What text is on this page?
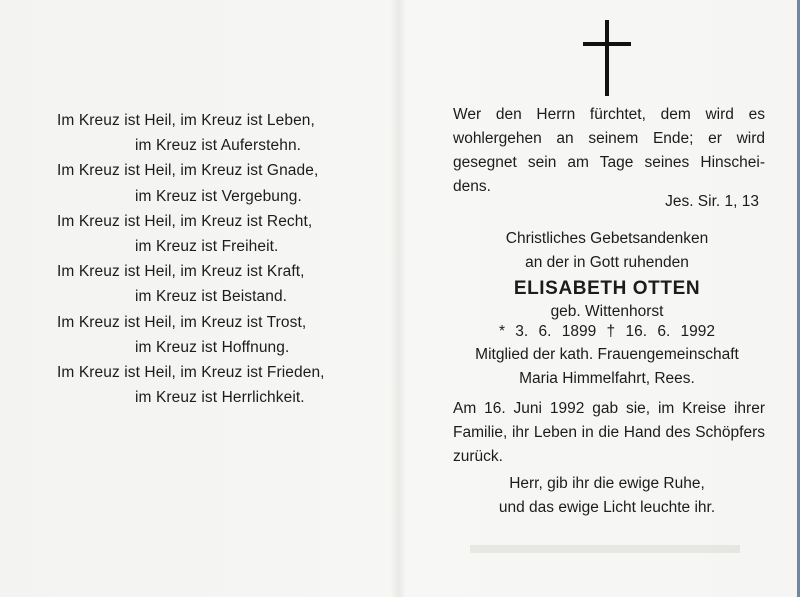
Im Kreuz ist Heil, im Kreuz ist Leben,
im Kreuz ist Auferstehn.
Im Kreuz ist Heil, im Kreuz ist Gnade,
im Kreuz ist Vergebung.
Im Kreuz ist Heil, im Kreuz ist Recht,
im Kreuz ist Freiheit.
Im Kreuz ist Heil, im Kreuz ist Kraft,
im Kreuz ist Beistand.
Im Kreuz ist Heil, im Kreuz ist Trost,
im Kreuz ist Hoffnung.
Im Kreuz ist Heil, im Kreuz ist Frieden,
im Kreuz ist Herrlichkeit.
Wer den Herrn fürchtet, dem wird es wohlergehen an seinem Ende; er wird gesegnet sein am Tage seines Hinschei-dens.
Jes. Sir. 1, 13
Christliches Gebetsandenken
an der in Gott ruhenden
ELISABETH OTTEN
geb. Wittenhorst
* 3. 6. 1899 † 16. 6. 1992
Mitglied der kath. Frauengemeinschaft
Maria Himmelfahrt, Rees.
Am 16. Juni 1992 gab sie, im Kreise ihrer Familie, ihr Leben in die Hand des Schöpfers zurück.
Herr, gib ihr die ewige Ruhe,
und das ewige Licht leuchte ihr.
